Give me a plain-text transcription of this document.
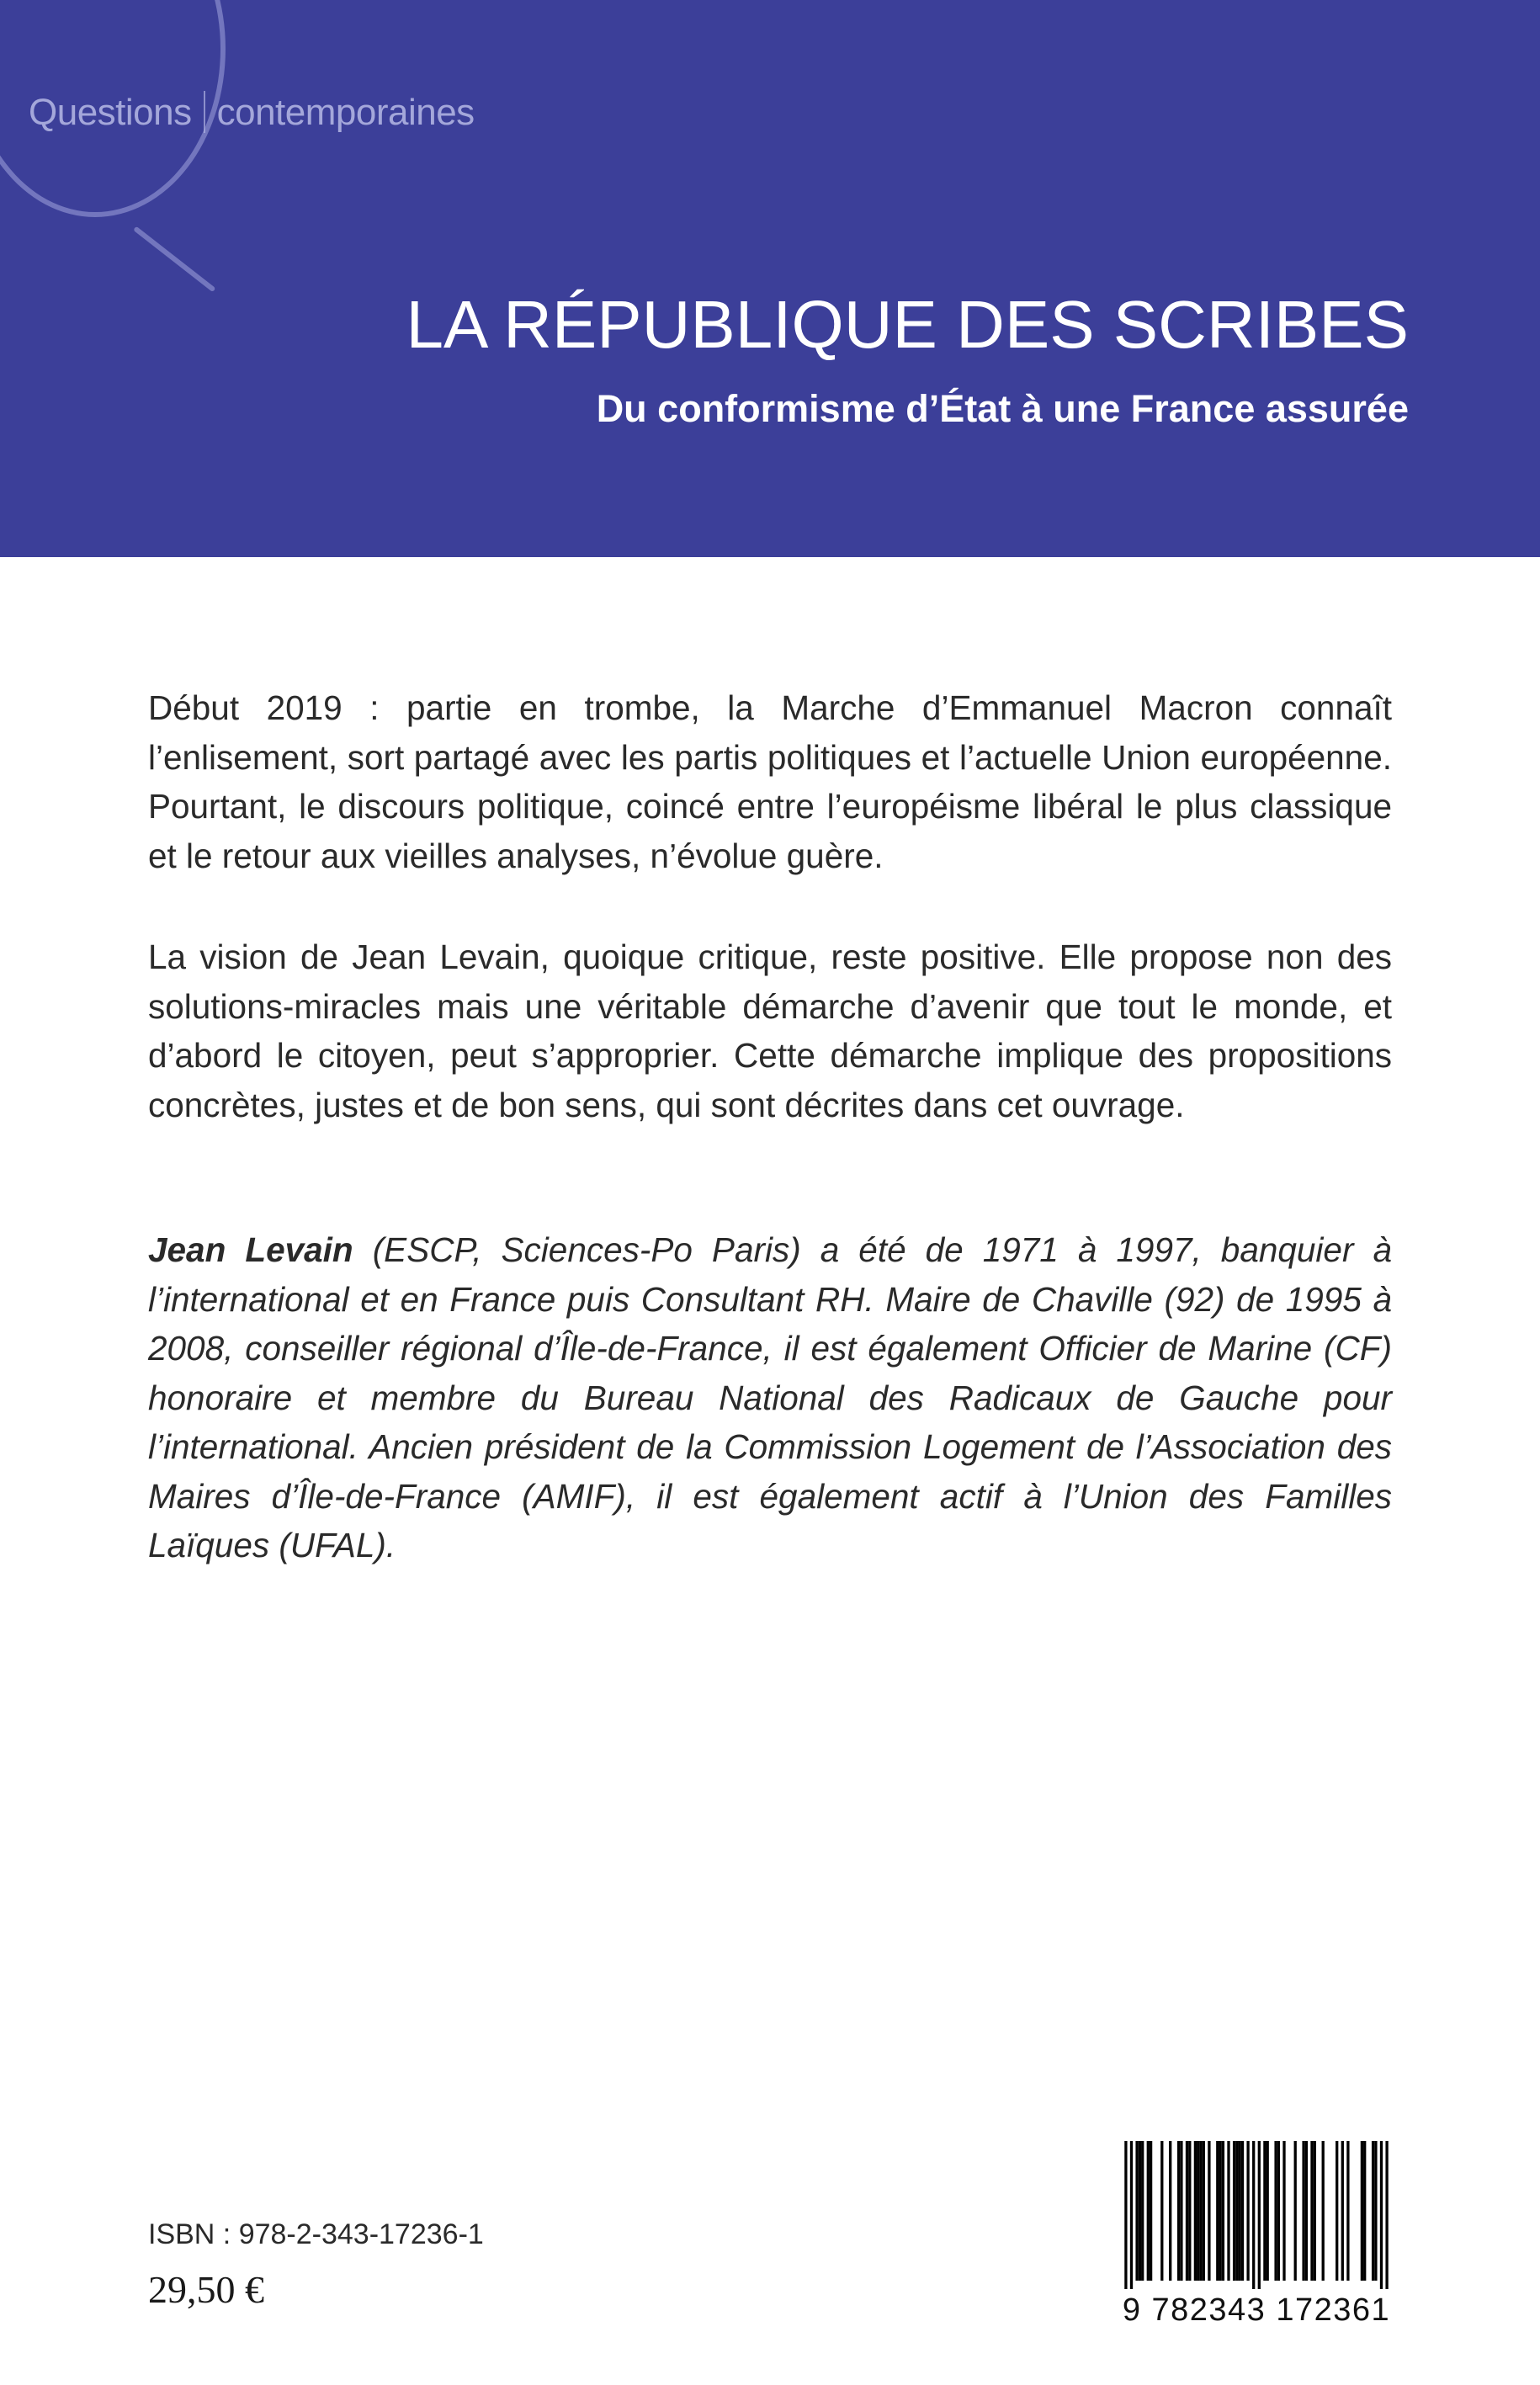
Questions contemporaines
LA RÉPUBLIQUE DES SCRIBES
Du conformisme d’État à une France assurée

Début 2019 : partie en trombe, la Marche d’Emmanuel Macron connaît l’enlisement, sort partagé avec les partis politiques et l’actuelle Union européenne. Pourtant, le discours politique, coincé entre l’européisme libéral le plus classique et le retour aux vieilles analyses, n’évolue guère.

La vision de Jean Levain, quoique critique, reste positive. Elle propose non des solutions-miracles mais une véritable démarche d’avenir que tout le monde, et d’abord le citoyen, peut s’approprier. Cette démarche implique des propositions concrètes, justes et de bon sens, qui sont décrites dans cet ouvrage.

Jean Levain (ESCP, Sciences-Po Paris) a été de 1971 à 1997, banquier à l’international et en France puis Consultant RH. Maire de Chaville (92) de 1995 à 2008, conseiller régional d’Île-de-France, il est également Officier de Marine (CF) honoraire et membre du Bureau National des Radicaux de Gauche pour l’international. Ancien président de la Commission Logement de l’Association des Maires d’Île-de-France (AMIF), il est également actif à l’Union des Familles Laïques (UFAL).

ISBN : 978-2-343-17236-1
29,50 €	9 782343 172361
